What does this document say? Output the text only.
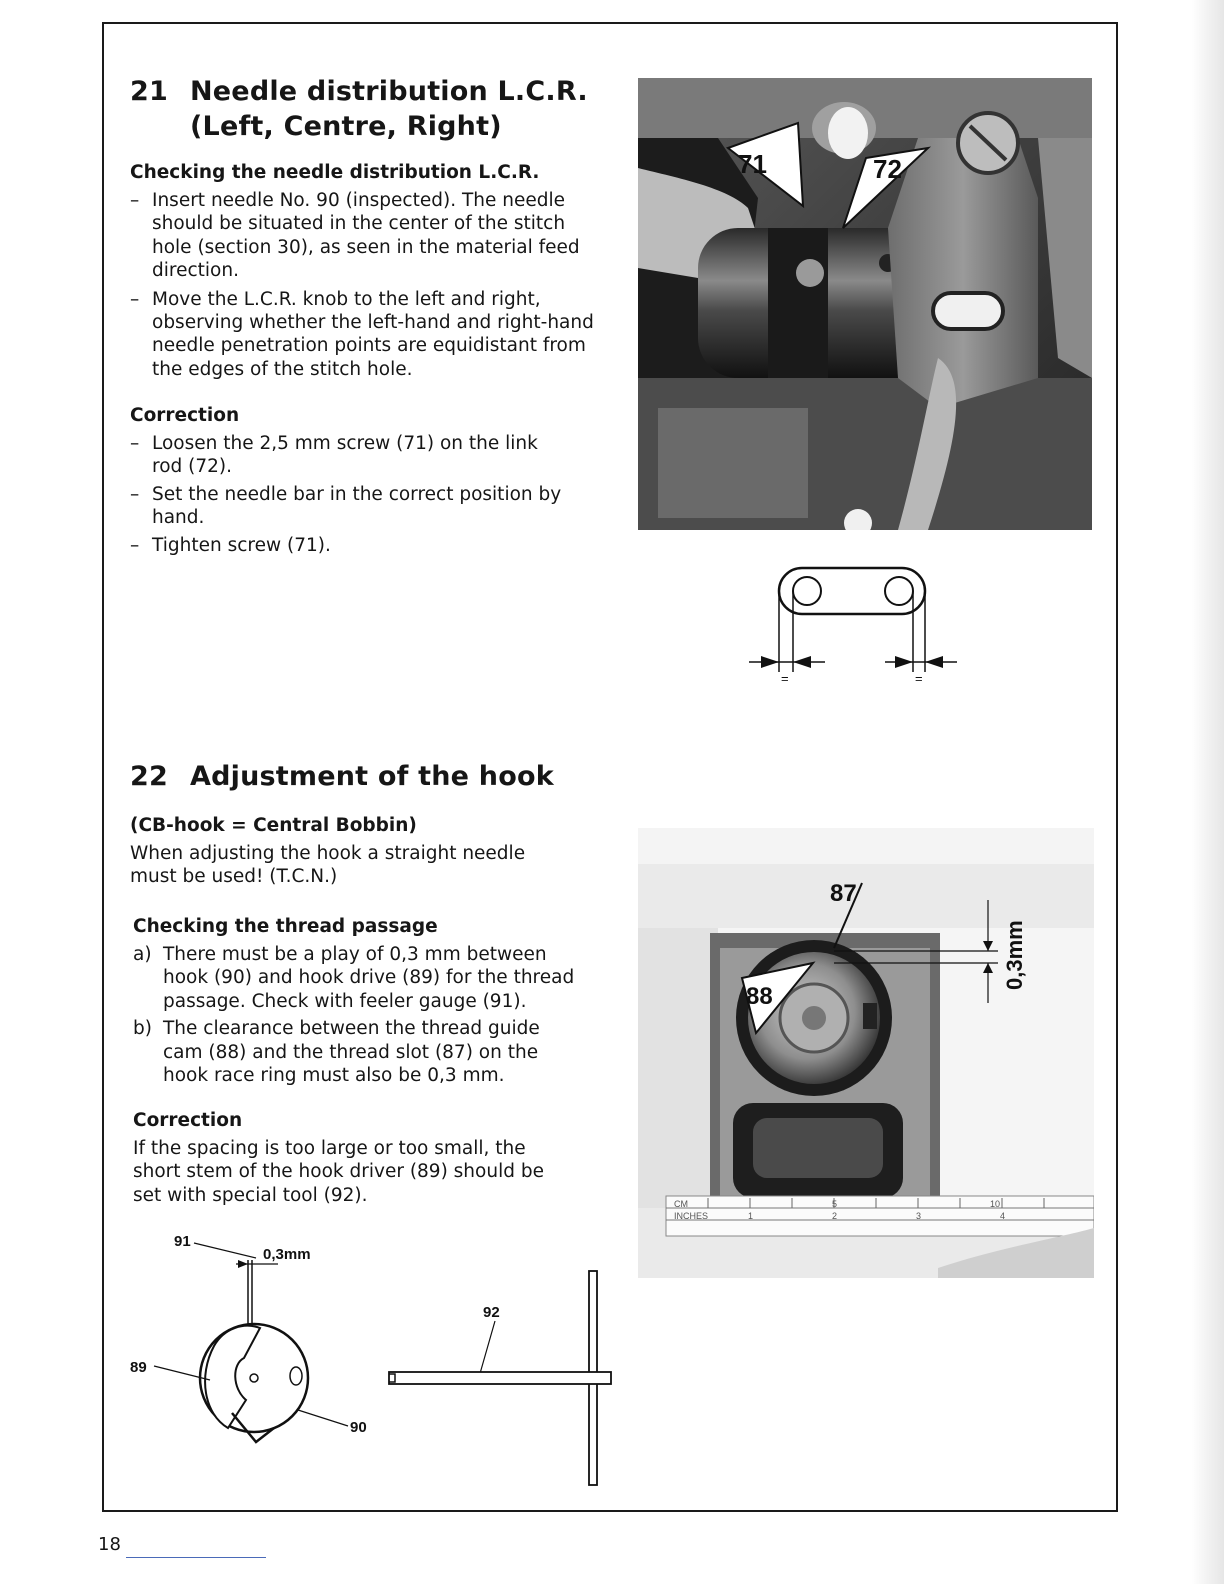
21 Needle distribution L.C.R.
(Left, Centre, Right)
Checking the needle distribution L.C.R.
– Insert needle No. 90 (inspected). The needle should be situated in the center of the stitch hole (section 30), as seen in the material feed direction.
– Move the L.C.R. knob to the left and right, observing whether the left-hand and right-hand needle penetration points are equidistant from the edges of the stitch hole.
Correction
– Loosen the 2,5 mm screw (71) on the link rod (72).
– Set the needle bar in the correct position by hand.
– Tighten screw (71).
71	72
=	=
22 Adjustment of the hook
(CB-hook = Central Bobbin)

When adjusting the hook a straight needle must be used! (T.C.N.)

Checking the thread passage
a) There must be a play of 0,3 mm between hook (90) and hook drive (89) for the thread passage. Check with feeler gauge (91).
b) The clearance between the thread guide cam (88) and the thread slot (87) on the hook race ring must also be 0,3 mm.
Correction

If the spacing is too large or too small, the short stem of the hook driver (89) should be set with special tool (92).	CM
INCHES	1
5
2	3
10
4
87
88
0,3mm
91
0,3mm
89
90
92
18
